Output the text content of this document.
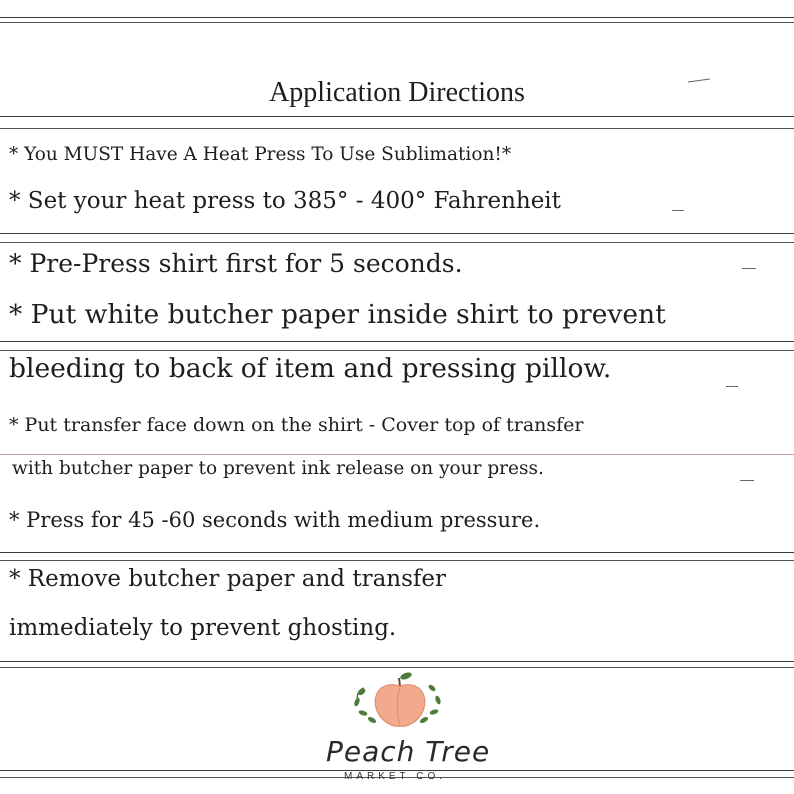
Application Directions
* You MUST Have A Heat Press To Use Sublimation!*
* Set your heat press to 385° - 400° Fahrenheit
* Pre-Press shirt first for 5 seconds.
* Put white butcher paper inside shirt to prevent
bleeding to back of item and pressing pillow.
* Put transfer face down on the shirt - Cover top of transfer
with butcher paper to prevent ink release on your press.
* Press for 45 -60 seconds with medium pressure.
* Remove butcher paper and transfer
immediately to prevent ghosting.
Peach Tree
MARKET CO.
